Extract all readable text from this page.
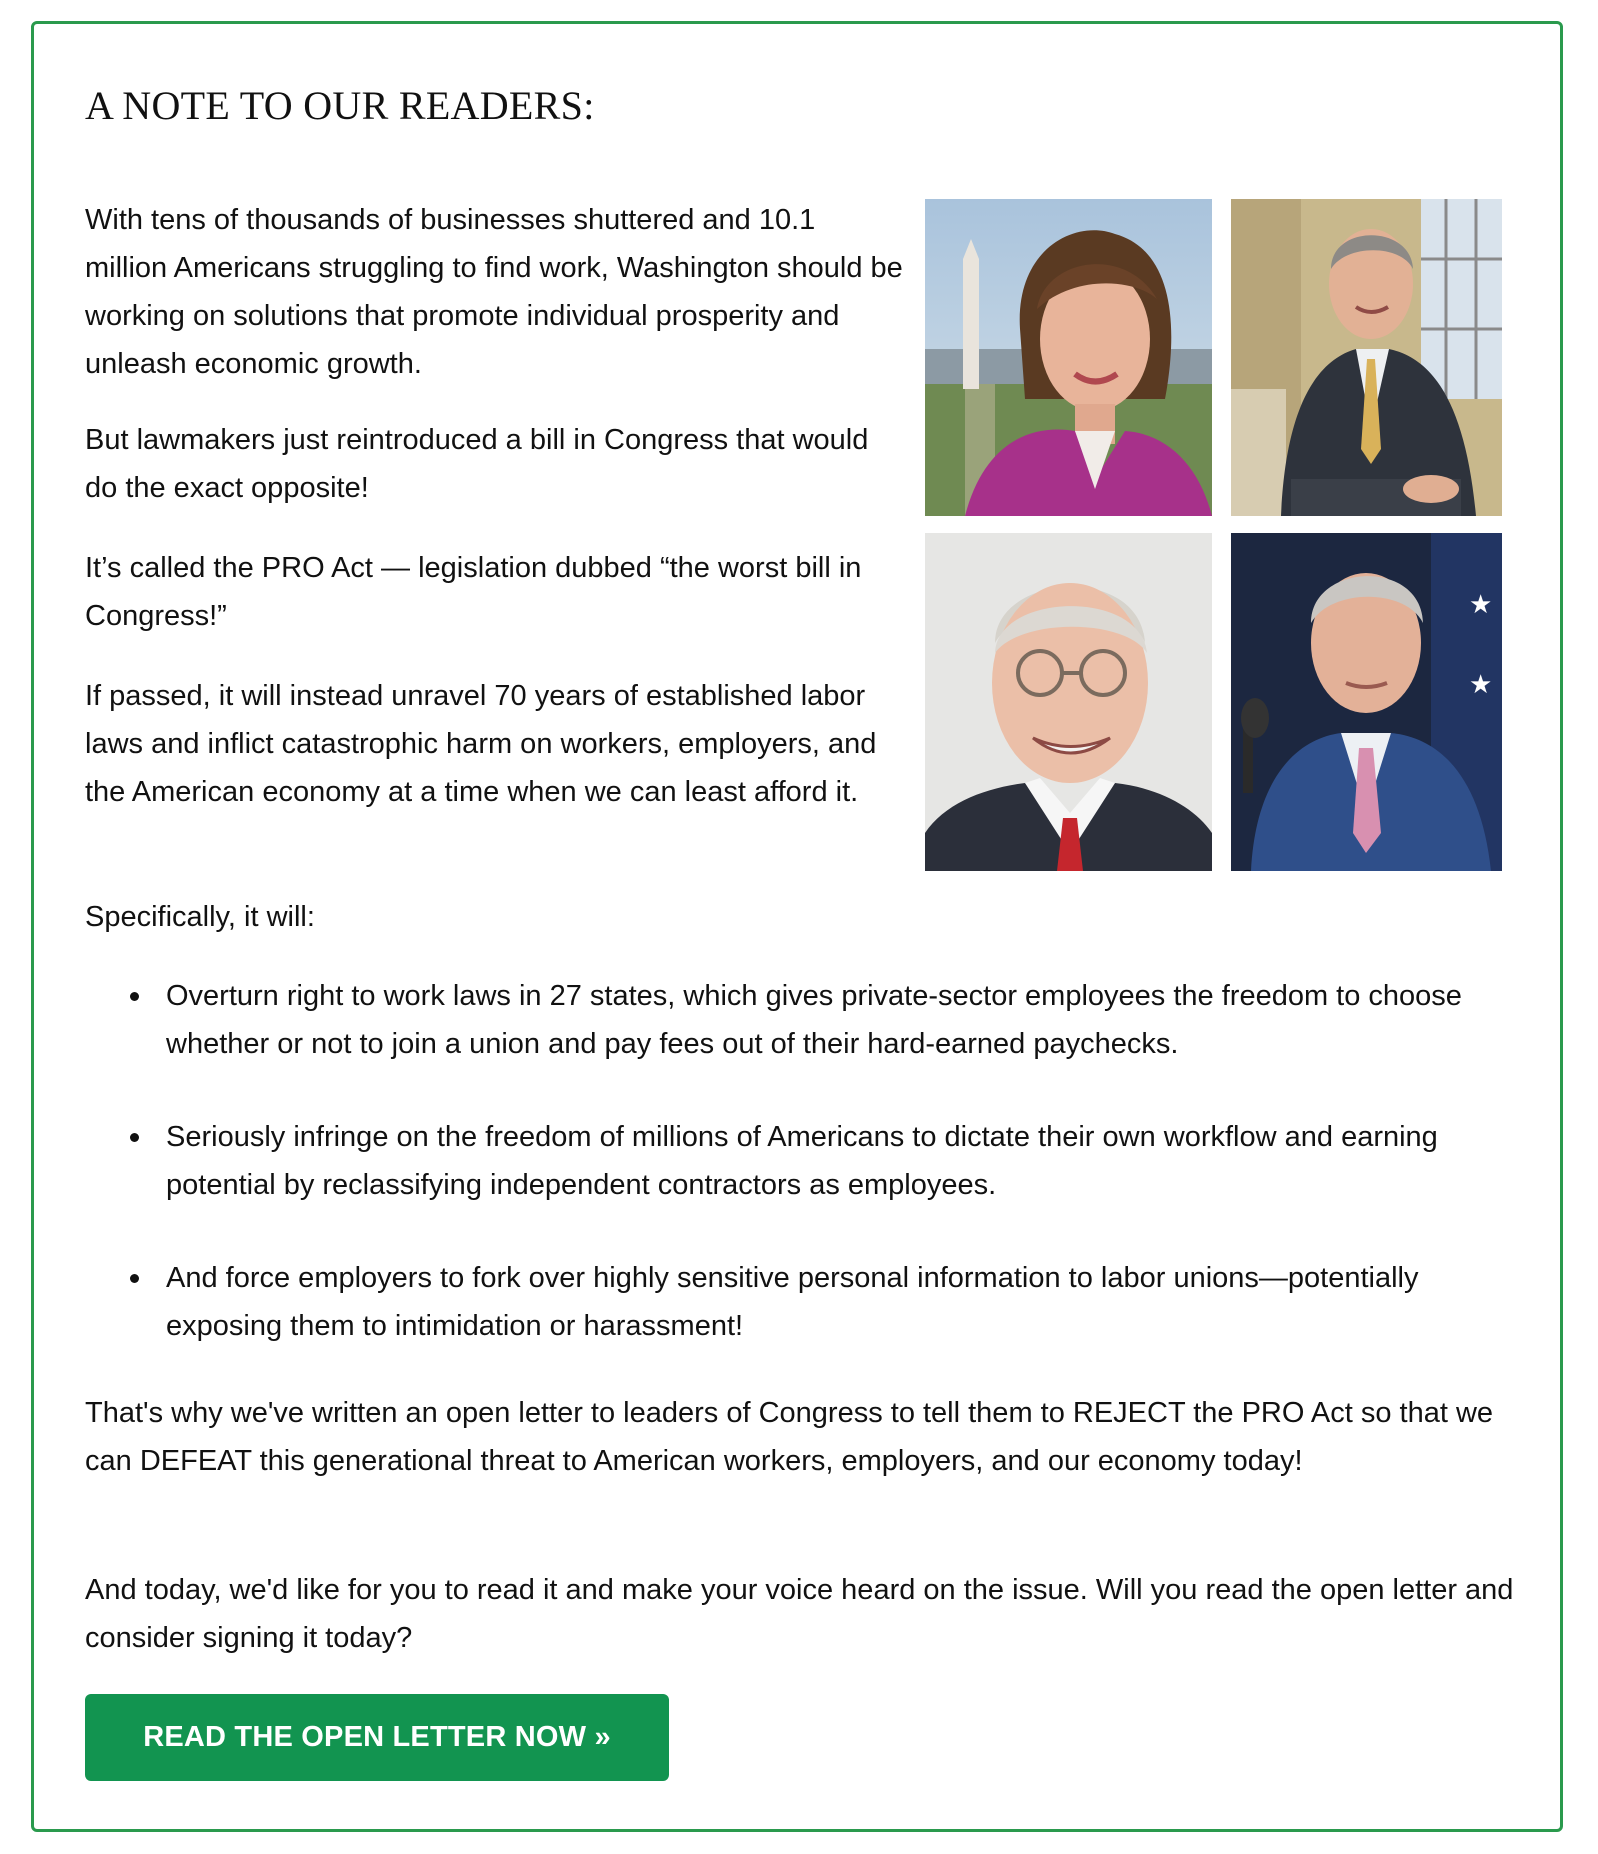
A NOTE TO OUR READERS:

With tens of thousands of businesses shuttered and 10.1 million Americans struggling to find work, Washington should be working on solutions that promote individual prosperity and unleash economic growth.

But lawmakers just reintroduced a bill in Congress that would do the exact opposite!

It’s called the PRO Act — legislation dubbed “the worst bill in Congress!”

If passed, it will instead unravel 70 years of established labor laws and inflict catastrophic harm on workers, employers, and the American economy at a time when we can least afford it.

Specifically, it will:

Overturn right to work laws in 27 states, which gives private-sector employees the freedom to choose whether or not to join a union and pay fees out of their hard-earned paychecks.
Seriously infringe on the freedom of millions of Americans to dictate their own workflow and earning potential by reclassifying independent contractors as employees.
And force employers to fork over highly sensitive personal information to labor unions—potentially exposing them to intimidation or harassment!

That's why we've written an open letter to leaders of Congress to tell them to REJECT the PRO Act so that we can DEFEAT this generational threat to American workers, employers, and our economy today!

And today, we'd like for you to read it and make your voice heard on the issue. Will you read the open letter and consider signing it today?

★
★
READ THE OPEN LETTER NOW »
